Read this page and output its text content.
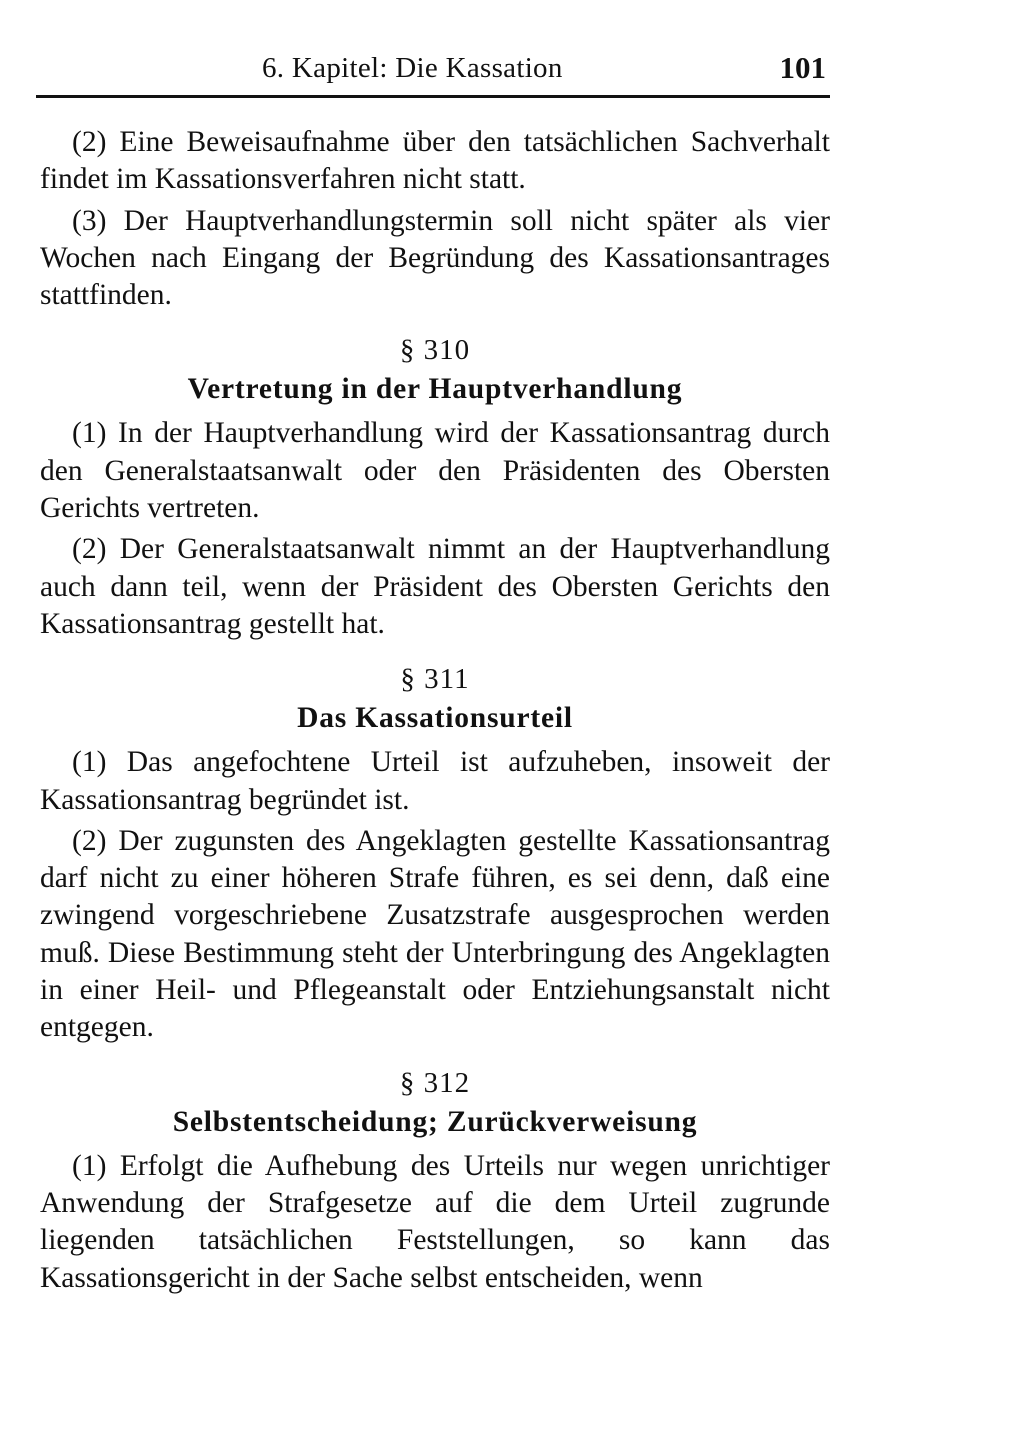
6. Kapitel: Die Kassation	101

(2) Eine Beweisaufnahme über den tatsächlichen Sachverhalt findet im Kassationsverfahren nicht statt.

(3) Der Hauptverhandlungstermin soll nicht später als vier Wochen nach Eingang der Begründung des Kassationsantrages stattfinden.

§ 310
Vertretung in der Hauptverhandlung

(1) In der Hauptverhandlung wird der Kassationsantrag durch den Generalstaatsanwalt oder den Präsidenten des Obersten Gerichts vertreten.

(2) Der Generalstaatsanwalt nimmt an der Hauptverhandlung auch dann teil, wenn der Präsident des Obersten Gerichts den Kassationsantrag gestellt hat.

§ 311
Das Kassationsurteil

(1) Das angefochtene Urteil ist aufzuheben, insoweit der Kassationsantrag begründet ist.

(2) Der zugunsten des Angeklagten gestellte Kassationsantrag darf nicht zu einer höheren Strafe führen, es sei denn, daß eine zwingend vorgeschriebene Zusatzstrafe ausgesprochen werden muß. Diese Bestimmung steht der Unterbringung des Angeklagten in einer Heil- und Pflegeanstalt oder Entziehungsanstalt nicht entgegen.

§ 312
Selbstentscheidung; Zurückverweisung

(1) Erfolgt die Aufhebung des Urteils nur wegen unrichtiger Anwendung der Strafgesetze auf die dem Urteil zugrunde liegenden tatsächlichen Feststellungen, so kann das Kassationsgericht in der Sache selbst entscheiden, wenn
